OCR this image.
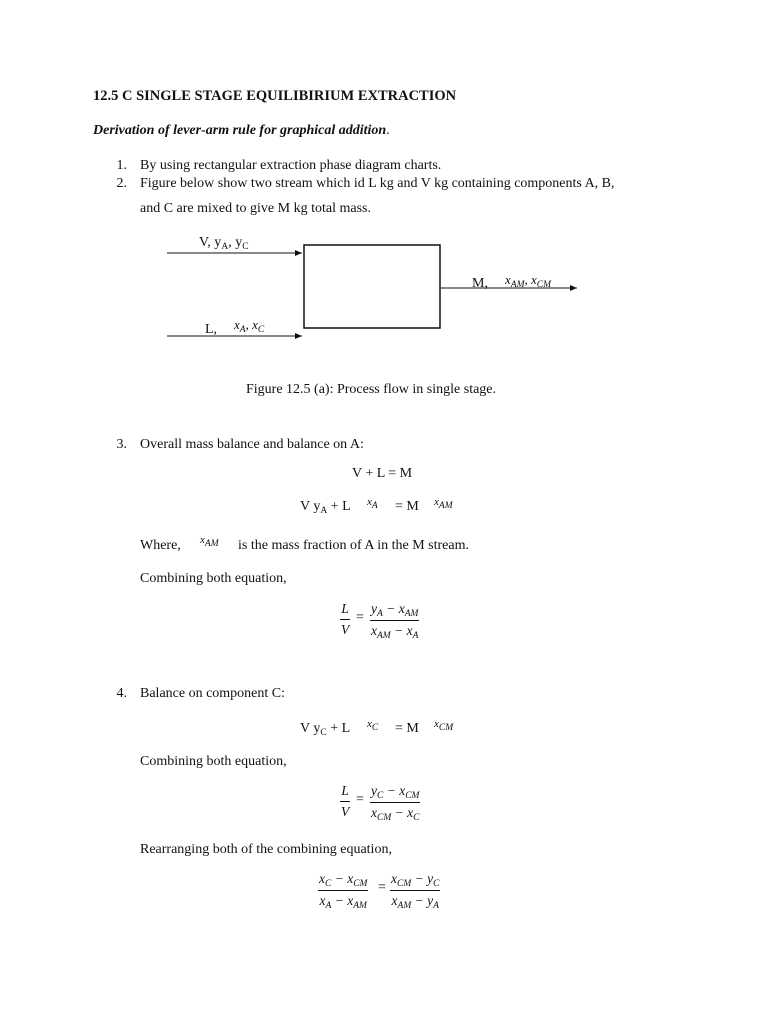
12.5 C SINGLE STAGE EQUILIBIRIUM EXTRACTION
Derivation of lever-arm rule for graphical addition.
1. By using rectangular extraction phase diagram charts.
2. Figure below show two stream which id L kg and V kg containing components A, B,
and C are mixed to give M kg total mass.
V, $y_A$, $y_C$
L, $x_A$, $x_C$
M, $x_{AM}$, $x_{CM}$
Figure 12.5 (a): Process flow in single stage.
3. Overall mass balance and balance on A:
V + L = M
V $y_A + L$ xA = M xAM
Where, xAM is the mass fraction of A in the M stream.
Combining both equation,
L
V
=
$y_A - x_{AM}$
$x_{AM} - x_A$
4. Balance on component C:
V $y_C + L$ xC = M xCM
Combining both equation,
L
V
=
$y_C - x_{CM}$
$x_{CM} - x_C$
Rearranging both of the combining equation,
$x_C - x_{CM}$
$x_A - x_{AM}$
=
$x_{CM} - y_C$
$x_{AM} - y_A$
